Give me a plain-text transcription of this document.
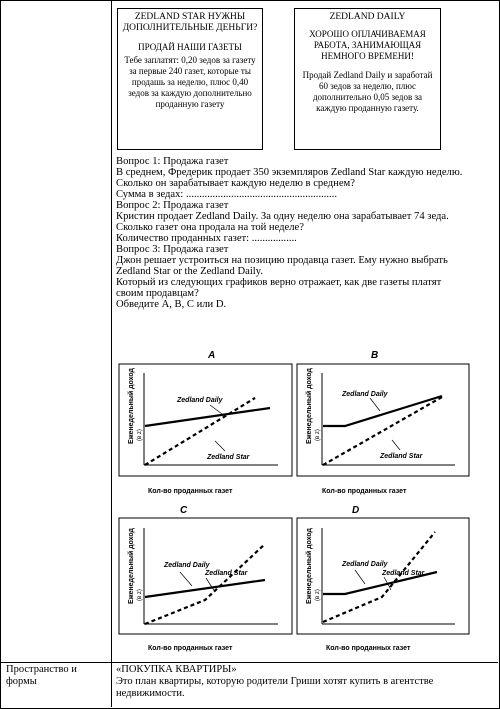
ZEDLAND STAR НУЖНЫ ДОПОЛНИТЕЛЬНЫЕ ДЕНЬГИ?
ПРОДАЙ НАШИ ГАЗЕТЫ
Тебе заплатят: 0,20 зедов за газету за первые 240 газет, которые ты продашь за неделю, плюс 0,40 зедов за каждую дополнительно проданную газету
ZEDLAND DAILY
ХОРОШО ОПЛАЧИВАЕМАЯ РАБОТА, ЗАНИМАЮЩАЯ НЕМНОГО ВРЕМЕНИ!
Продай Zedland Daily и заработай 60 зедов за неделю, плюс дополнительно 0,05 зедов за каждую проданную газету.
Вопрос 1: Продажа газет
В среднем, Фредерик продает 350 экземпляров Zedland Star каждую неделю.
Сколько он зарабатывает каждую неделю в среднем?
Сумма в зедах: .........................................................
Вопрос 2: Продажа газет
Кристин продает Zedland Daily. За одну неделю она зарабатывает 74 зеда.
Сколько газет она продала на той неделе?
Количество проданных газет: .................
Вопрос 3: Продажа газет
Джон решает устроиться на позицию продавца газет. Ему нужно выбрать
Zedland Star or the Zedland Daily.
Который из следующих графиков верно отражает, как две газеты платят
своим продавцам?
Обведите A, B, C или D.
A	B
C	D
Zedland Daily
Zedland Star
Еженедельный доход (в z)
Кол-во проданных газет
Zedland Daily
Zedland Star
Еженедельный доход (в z)
Кол-во проданных газет
Zedland Daily
Zedland Star
Еженедельный доход (в z)
Кол-во проданных газет
Zedland Daily
Zedland Star
Еженедельный доход (в z)
Кол-во проданных газет
Пространство и формы
«ПОКУПКА КВАРТИРЫ»
Это план квартиры, которую родители Гриши хотят купить в агентстве недвижимости.
